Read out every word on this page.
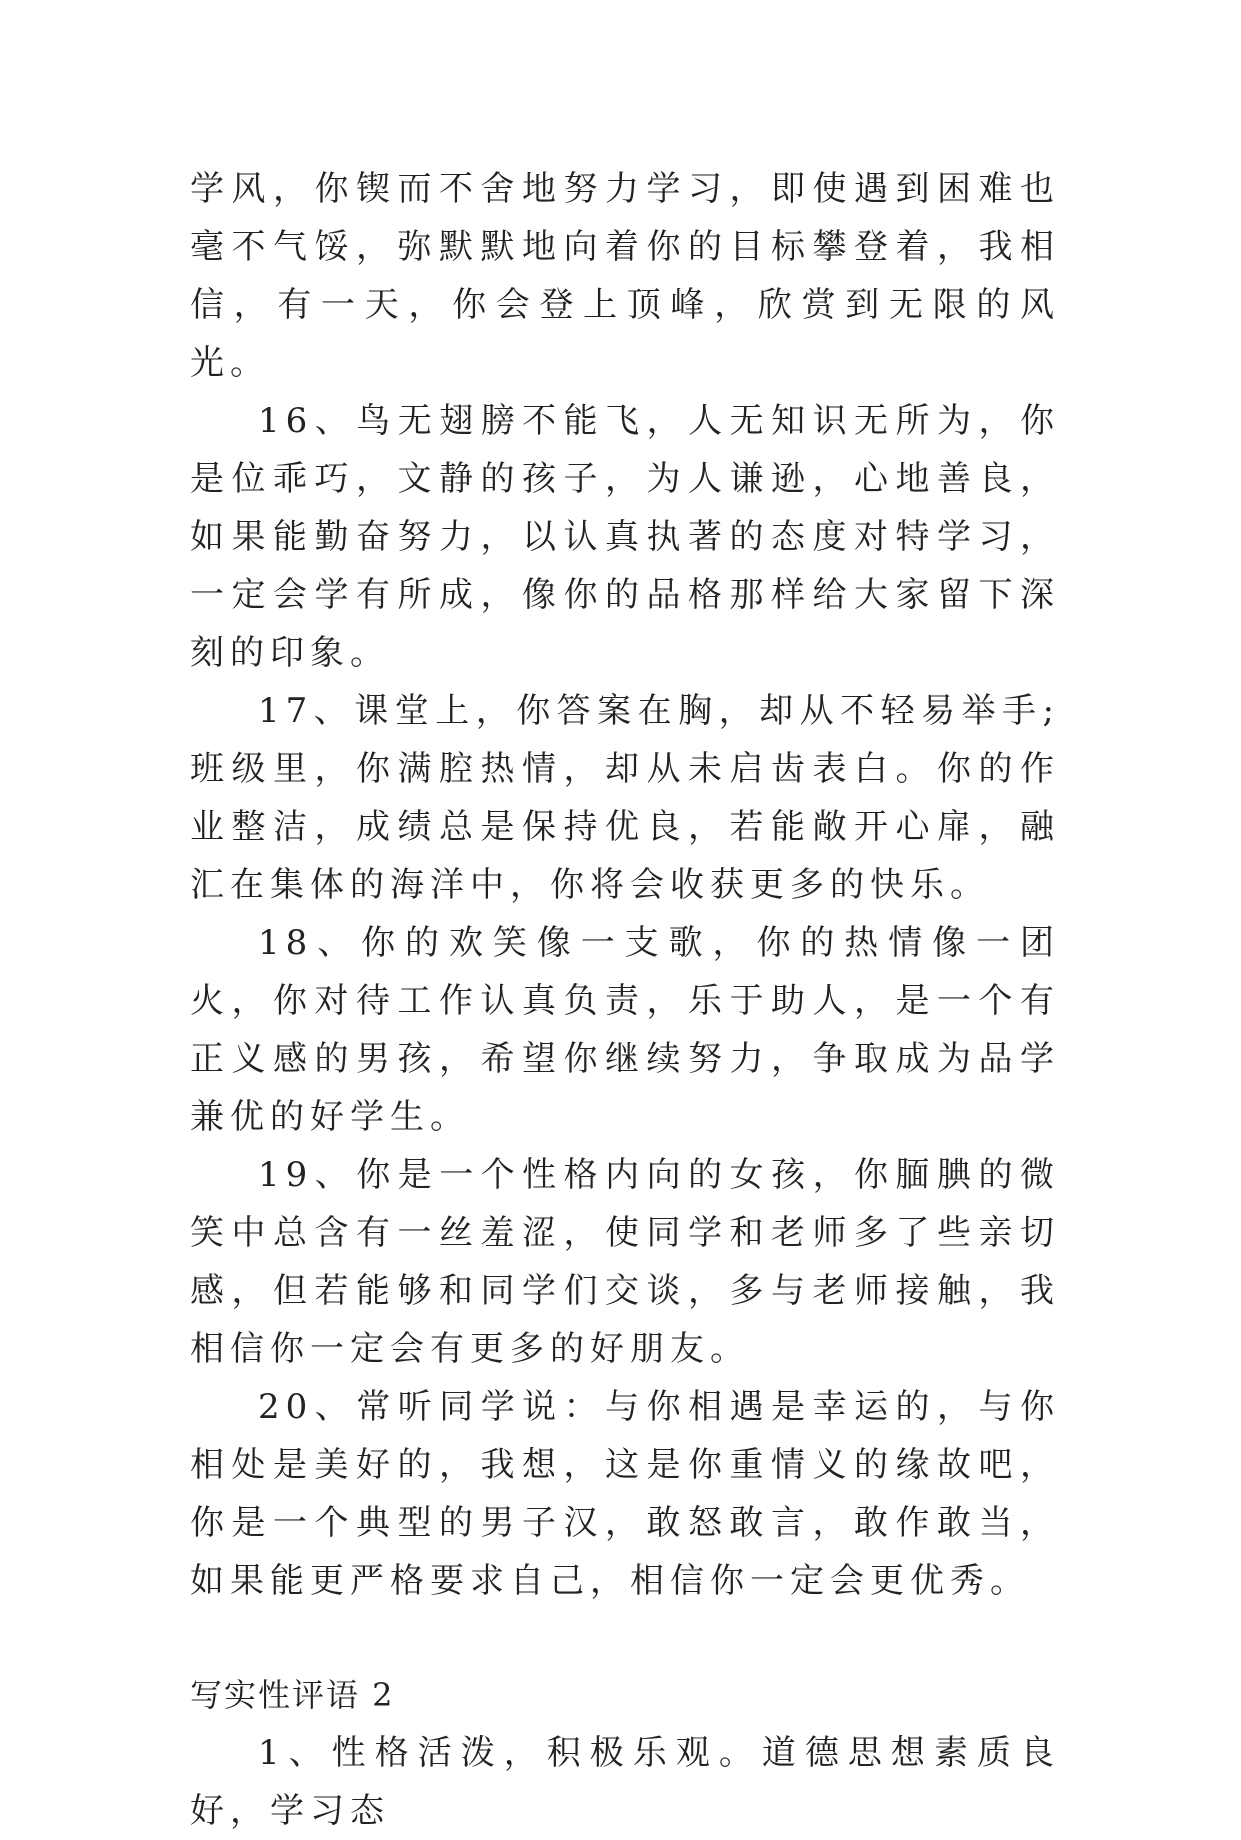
学风，你锲而不舍地努力学习，即使遇到困难也毫不气馁，弥默默地向着你的目标攀登着，我相信，有一天，你会登上顶峰，欣赏到无限的风光。

16、鸟无翅膀不能飞，人无知识无所为，你是位乖巧，文静的孩子，为人谦逊，心地善良，如果能勤奋努力，以认真执著的态度对特学习，一定会学有所成，像你的品格那样给大家留下深刻的印象。

17、课堂上，你答案在胸，却从不轻易举手;班级里，你满腔热情，却从未启齿表白。你的作业整洁，成绩总是保持优良，若能敞开心扉，融汇在集体的海洋中，你将会收获更多的快乐。

18、你的欢笑像一支歌，你的热情像一团火，你对待工作认真负责，乐于助人，是一个有正义感的男孩，希望你继续努力，争取成为品学兼优的好学生。

19、你是一个性格内向的女孩，你腼腆的微笑中总含有一丝羞涩，使同学和老师多了些亲切感，但若能够和同学们交谈，多与老师接触，我相信你一定会有更多的好朋友。

20、常听同学说：与你相遇是幸运的，与你相处是美好的，我想，这是你重情义的缘故吧，你是一个典型的男子汉，敢怒敢言，敢作敢当，如果能更严格要求自己，相信你一定会更优秀。

写实性评语 2

1、性格活泼，积极乐观。道德思想素质良好，学习态
